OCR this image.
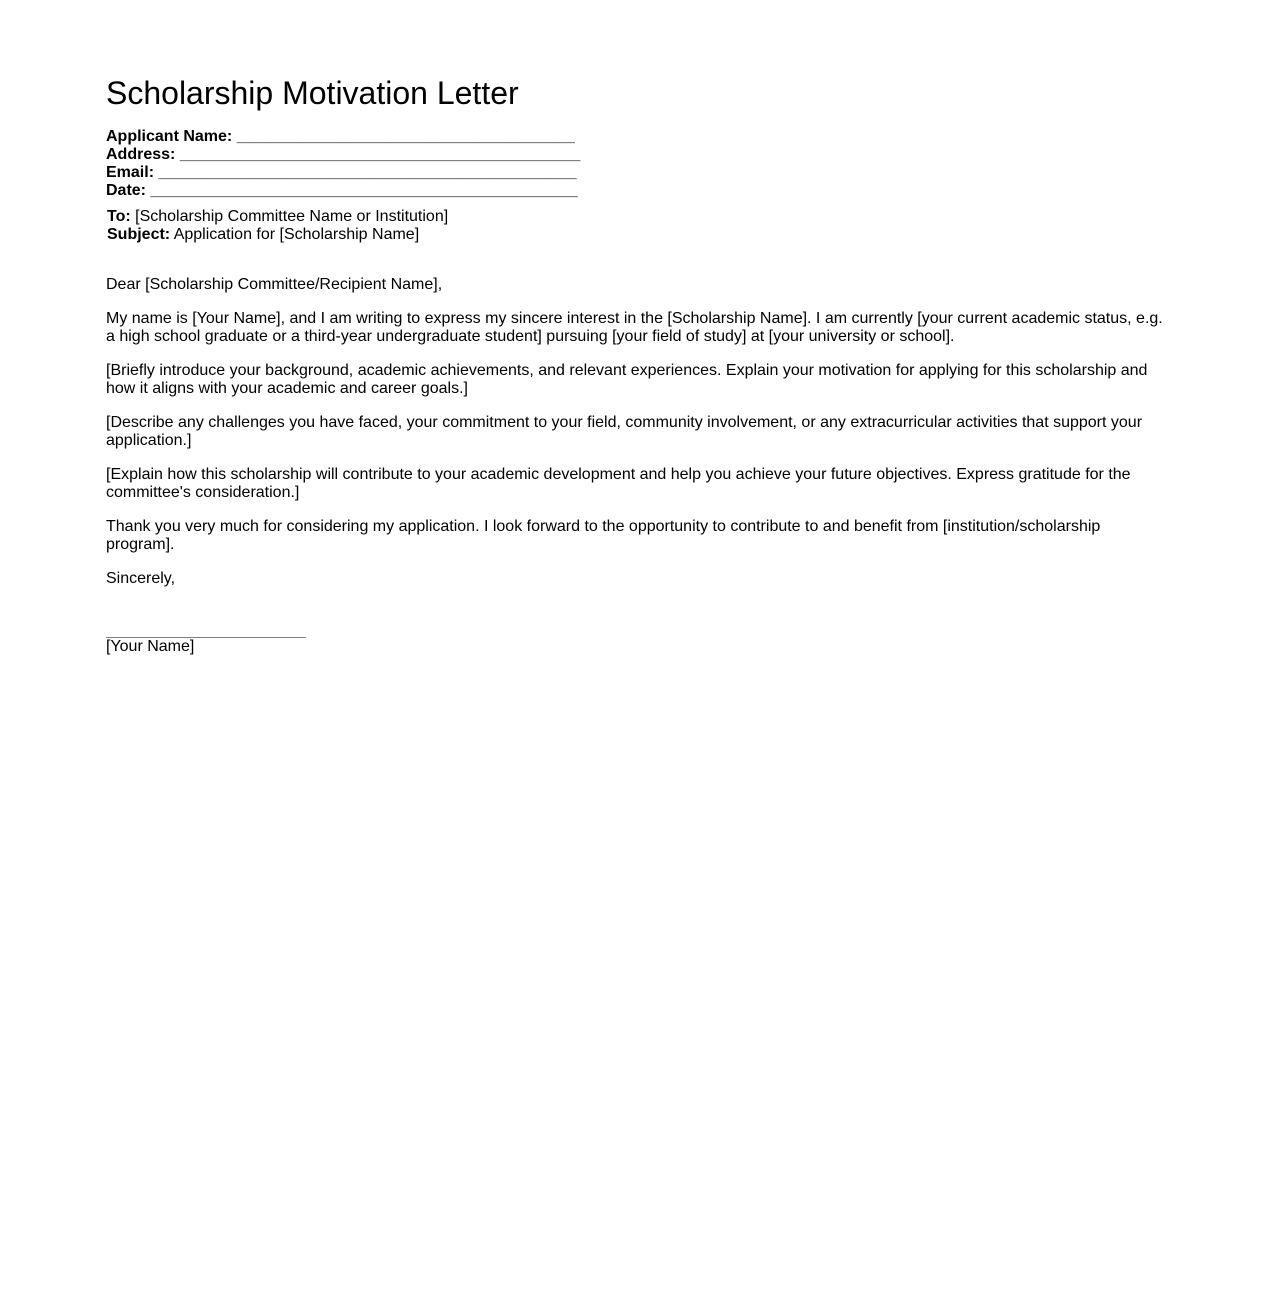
Scholarship Motivation Letter
Applicant Name: ______________________________________
Address: _____________________________________________
Email: _______________________________________________
Date: ________________________________________________
To: [Scholarship Committee Name or Institution]
Subject: Application for [Scholarship Name]

Dear [Scholarship Committee/Recipient Name],

My name is [Your Name], and I am writing to express my sincere interest in the [Scholarship Name]. I am currently [your current academic status, e.g. a high school graduate or a third-year undergraduate student] pursuing [your field of study] at [your university or school].

[Briefly introduce your background, academic achievements, and relevant experiences. Explain your motivation for applying for this scholarship and how it aligns with your academic and career goals.]

[Describe any challenges you have faced, your commitment to your field, community involvement, or any extracurricular activities that support your application.]

[Explain how this scholarship will contribute to your academic development and help you achieve your future objectives. Express gratitude for the committee's consideration.]

Thank you very much for considering my application. I look forward to the opportunity to contribute to and benefit from [institution/scholarship program].

Sincerely,

[Your Name]
